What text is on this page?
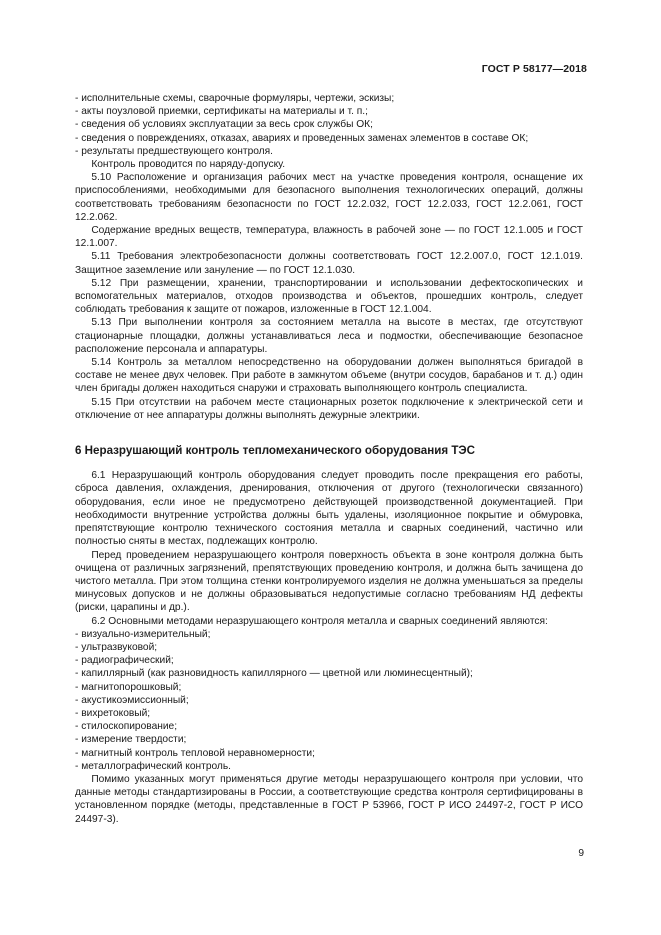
ГОСТ Р 58177—2018

- исполнительные схемы, сварочные формуляры, чертежи, эскизы;

- акты поузловой приемки, сертификаты на материалы и т. п.;

- сведения об условиях эксплуатации за весь срок службы ОК;

- сведения о повреждениях, отказах, авариях и проведенных заменах элементов в составе ОК;

- результаты предшествующего контроля.

Контроль проводится по наряду-допуску.

5.10 Расположение и организация рабочих мест на участке проведения контроля, оснащение их приспособлениями, необходимыми для безопасного выполнения технологических операций, должны соответствовать требованиям безопасности по ГОСТ 12.2.032, ГОСТ 12.2.033, ГОСТ 12.2.061, ГОСТ 12.2.062.

Содержание вредных веществ, температура, влажность в рабочей зоне — по ГОСТ 12.1.005 и ГОСТ 12.1.007.

5.11 Требования электробезопасности должны соответствовать ГОСТ 12.2.007.0, ГОСТ 12.1.019. Защитное заземление или зануление — по ГОСТ 12.1.030.

5.12 При размещении, хранении, транспортировании и использовании дефектоскопических и вспомогательных материалов, отходов производства и объектов, прошедших контроль, следует соблюдать требования к защите от пожаров, изложенные в ГОСТ 12.1.004.

5.13 При выполнении контроля за состоянием металла на высоте в местах, где отсутствуют стационарные площадки, должны устанавливаться леса и подмостки, обеспечивающие безопасное расположение персонала и аппаратуры.

5.14 Контроль за металлом непосредственно на оборудовании должен выполняться бригадой в составе не менее двух человек. При работе в замкнутом объеме (внутри сосудов, барабанов и т. д.) один член бригады должен находиться снаружи и страховать выполняющего контроль специалиста.

5.15 При отсутствии на рабочем месте стационарных розеток подключение к электрической сети и отключение от нее аппаратуры должны выполнять дежурные электрики.

6 Неразрушающий контроль тепломеханического оборудования ТЭС

6.1 Неразрушающий контроль оборудования следует проводить после прекращения его работы, сброса давления, охлаждения, дренирования, отключения от другого (технологически связанного) оборудования, если иное не предусмотрено действующей производственной документацией. При необходимости внутренние устройства должны быть удалены, изоляционное покрытие и обмуровка, препятствующие контролю технического состояния металла и сварных соединений, частично или полностью сняты в местах, подлежащих контролю.

Перед проведением неразрушающего контроля поверхность объекта в зоне контроля должна быть очищена от различных загрязнений, препятствующих проведению контроля, и должна быть зачищена до чистого металла. При этом толщина стенки контролируемого изделия не должна уменьшаться за пределы минусовых допусков и не должны образовываться недопустимые согласно требованиям НД дефекты (риски, царапины и др.).

6.2 Основными методами неразрушающего контроля металла и сварных соединений являются:

- визуально-измерительный;

- ультразвуковой;

- радиографический;

- капиллярный (как разновидность капиллярного — цветной или люминесцентный);

- магнитопорошковый;

- акустикоэмиссионный;

- вихретоковый;

- стилоскопирование;

- измерение твердости;

- магнитный контроль тепловой неравномерности;

- металлографический контроль.

Помимо указанных могут применяться другие методы неразрушающего контроля при условии, что данные методы стандартизированы в России, а соответствующие средства контроля сертифицированы в установленном порядке (методы, представленные в ГОСТ Р 53966, ГОСТ Р ИСО 24497-2, ГОСТ Р ИСО 24497-3).

9
